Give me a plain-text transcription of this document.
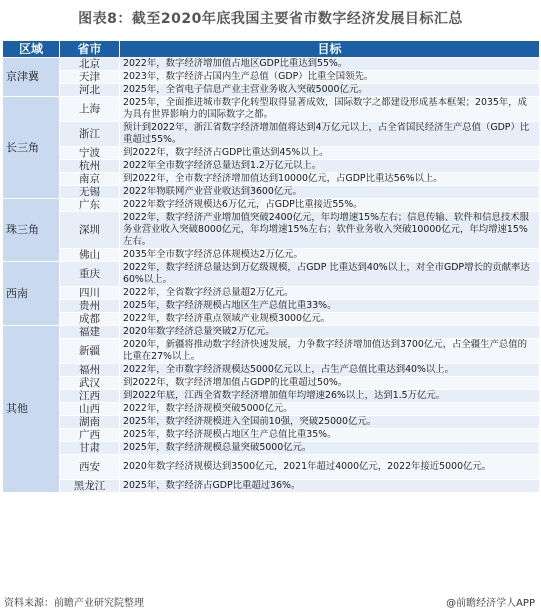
图表8：截至2020年底我国主要省市数字经济发展目标汇总
区域	省市	目标
京津冀	北京	2022年，数字经济增加值占地区GDP比重达到55%。
	天津	2023年，数字经济占国内生产总值（GDP）比重全国领先。
	河北	2025年，全省电子信息产业主营业务收入突破5000亿元。
长三角	上海	2025年，全面推进城市数字化转型取得显著成效，国际数字之都建设形成基本框架；2035年，成为具有世界影响力的国际数字之都。
	浙江	预计到2022年，浙江省数字经济增加值将达到4万亿元以上，占全省国民经济生产总值（GDP）比重超过55%。
	宁波	到2022年，数字经济占GDP比重达到45%以上。
	杭州	2022年全市数字经济总量达到1.2万亿元以上。
	南京	到2022年，全市数字经济增加值达到10000亿元，占GDP比重达56%以上。
	无锡	2022年物联网产业营业收达到3600亿元。
珠三角	广东	2022年数字经济规模达6万亿元，占GDP比重接近55%。
	深圳	2022年，数字经济产业增加值突破2400亿元，年均增速15%左右；信息传输、软件和信息技术服务业营业收入突破8000亿元，年均增速15%左右；软件业务收入突破10000亿元，年均增速15%左右。
	佛山	2035年全市数字经济总体规模达2万亿元。
西南	重庆	2022年，数字经济总量达到万亿级规模，占GDP 比重达到40%以上，对全市GDP增长的贡献率达60%以上。
	四川	2022年，全省数字经济总量超2万亿元。
	贵州	2025年，数字经济规模占地区生产总值比重33%。
	成都	2022年，数字经济重点领域产业规模3000亿元。
其他	福建	2020年数字经济总量突破2万亿元。
	新疆	2020年，新疆将推动数字经济快速发展，力争数字经济增加值达到3700亿元，占全疆生产总值的比重在27%以上。
	福州	2022年，全市数字经济规模达5000亿元以上，占生产总值比重达到40%以上。
	武汉	到2022年，数字经济增加值占GDP的比重超过50%。
	江西	到2022年底，江西全省数字经济增加值年均增速26%以上，达到1.5万亿元。
	山西	2022年，数字经济规模突破5000亿元。
	湖南	2025年，数字经济规模进入全国前10强，突破25000亿元。
	广西	2025年，数字经济规模占地区生产总值比重35%。
	甘肃	2025年，数字经济规模总量突破5000亿元。
	西安	2020年数字经济规模达到3500亿元，2021年超过4000亿元，2022年接近5000亿元。
	黑龙江	2025年，数字经济占GDP比重超过36%。
资料来源：前瞻产业研究院整理	@前瞻经济学人APP
